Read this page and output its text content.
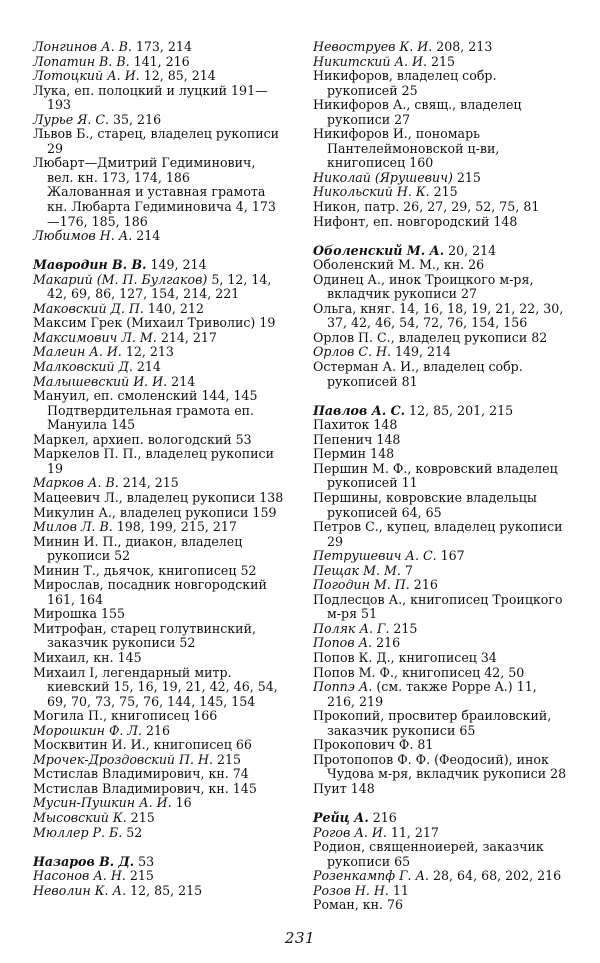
Лонгинов А. В. 173, 214

Лопатин В. В. 141, 216

Лотоцкий А. И. 12, 85, 214

Лука, еп. полоцкий и луцкий 191—193

Лурье Я. С. 35, 216

Львов Б., старец, владелец рукописи 29

Любарт—Дмитрий Гедиминович, вел. кн. 173, 174, 186

Жалованная и уставная грамота кн. Любарта Гедиминовича 4, 173—176, 185, 186

Любимов Н. А. 214

Мавродин В. В. 149, 214

Макарий (М. П. Булгаков) 5, 12, 14, 42, 69, 86, 127, 154, 214, 221

Маковский Д. П. 140, 212

Максим Грек (Михаил Триволис) 19

Максимович Л. М. 214, 217

Малеин А. И. 12, 213

Малковский Д. 214

Малышевский И. И. 214

Мануил, еп. смоленский 144, 145

Подтвердительная грамота еп. Мануила 145

Маркел, архиеп. вологодский 53

Маркелов П. П., владелец рукописи 19

Марков А. В. 214, 215

Мацеевич Л., владелец рукописи 138

Микулин А., владелец рукописи 159

Милов Л. В. 198, 199, 215, 217

Минин И. П., диакон, владелец рукописи 52

Минин Т., дьячок, книгописец 52

Мирослав, посадник новгородский 161, 164

Мирошка 155

Митрофан, старец голутвинский, заказчик рукописи 52

Михаил, кн. 145

Михаил I, легендарный митр. киевский 15, 16, 19, 21, 42, 46, 54, 69, 70, 73, 75, 76, 144, 145, 154

Могила П., книгописец 166

Морошкин Ф. Л. 216

Москвитин И. И., книгописец 66

Мрочек-Дроздовский П. Н. 215

Мстислав Владимирович, кн. 74

Мстислав Владимирович, кн. 145

Мусин-Пушкин А. И. 16

Мысовский К. 215

Мюллер Р. Б. 52

Назаров В. Д. 53

Насонов А. Н. 215

Неволин К. А. 12, 85, 215

Невоструев К. И. 208, 213

Никитский А. И. 215

Никифоров, владелец собр. рукописей 25

Никифоров А., свящ., владелец рукописи 27

Никифоров И., пономарь Пантелеймоновской ц-ви, книгописец 160

Николай (Ярушевич) 215

Никольский Н. К. 215

Никон, патр. 26, 27, 29, 52, 75, 81

Нифонт, еп. новгородский 148

Оболенский М. А. 20, 214

Оболенский М. М., кн. 26

Одинец А., инок Троицкого м-ря, вкладчик рукописи 27

Ольга, княг. 14, 16, 18, 19, 21, 22, 30, 37, 42, 46, 54, 72, 76, 154, 156

Орлов П. С., владелец рукописи 82

Орлов С. Н. 149, 214

Остерман А. И., владелец собр. рукописей 81

Павлов А. С. 12, 85, 201, 215

Пахиток 148

Пепенич 148

Пермин 148

Першин М. Ф., ковровский владелец рукописей 11

Першины, ковровские владельцы рукописей 64, 65

Петров С., купец, владелец рукописи 29

Петрушевич А. С. 167

Пещак М. М. 7

Погодин М. П. 216

Подлесцов А., книгописец Троицкого м-ря 51

Поляк А. Г. 215

Попов А. 216

Попов К. Д., книгописец 34

Попов М. Ф., книгописец 42, 50

Поппэ А. (см. также Poppe A.) 11, 216, 219

Прокопий, просвитер браиловский, заказчик рукописи 65

Прокопович Ф. 81

Протопопов Ф. Ф. (Феодосий), инок Чудова м-ря, вкладчик рукописи 28

Пуит 148

Рейц А. 216

Рогов А. И. 11, 217

Родион, священноиерей, заказчик рукописи 65

Розенкампф Г. А. 28, 64, 68, 202, 216

Розов Н. Н. 11

Роман, кн. 76

231
